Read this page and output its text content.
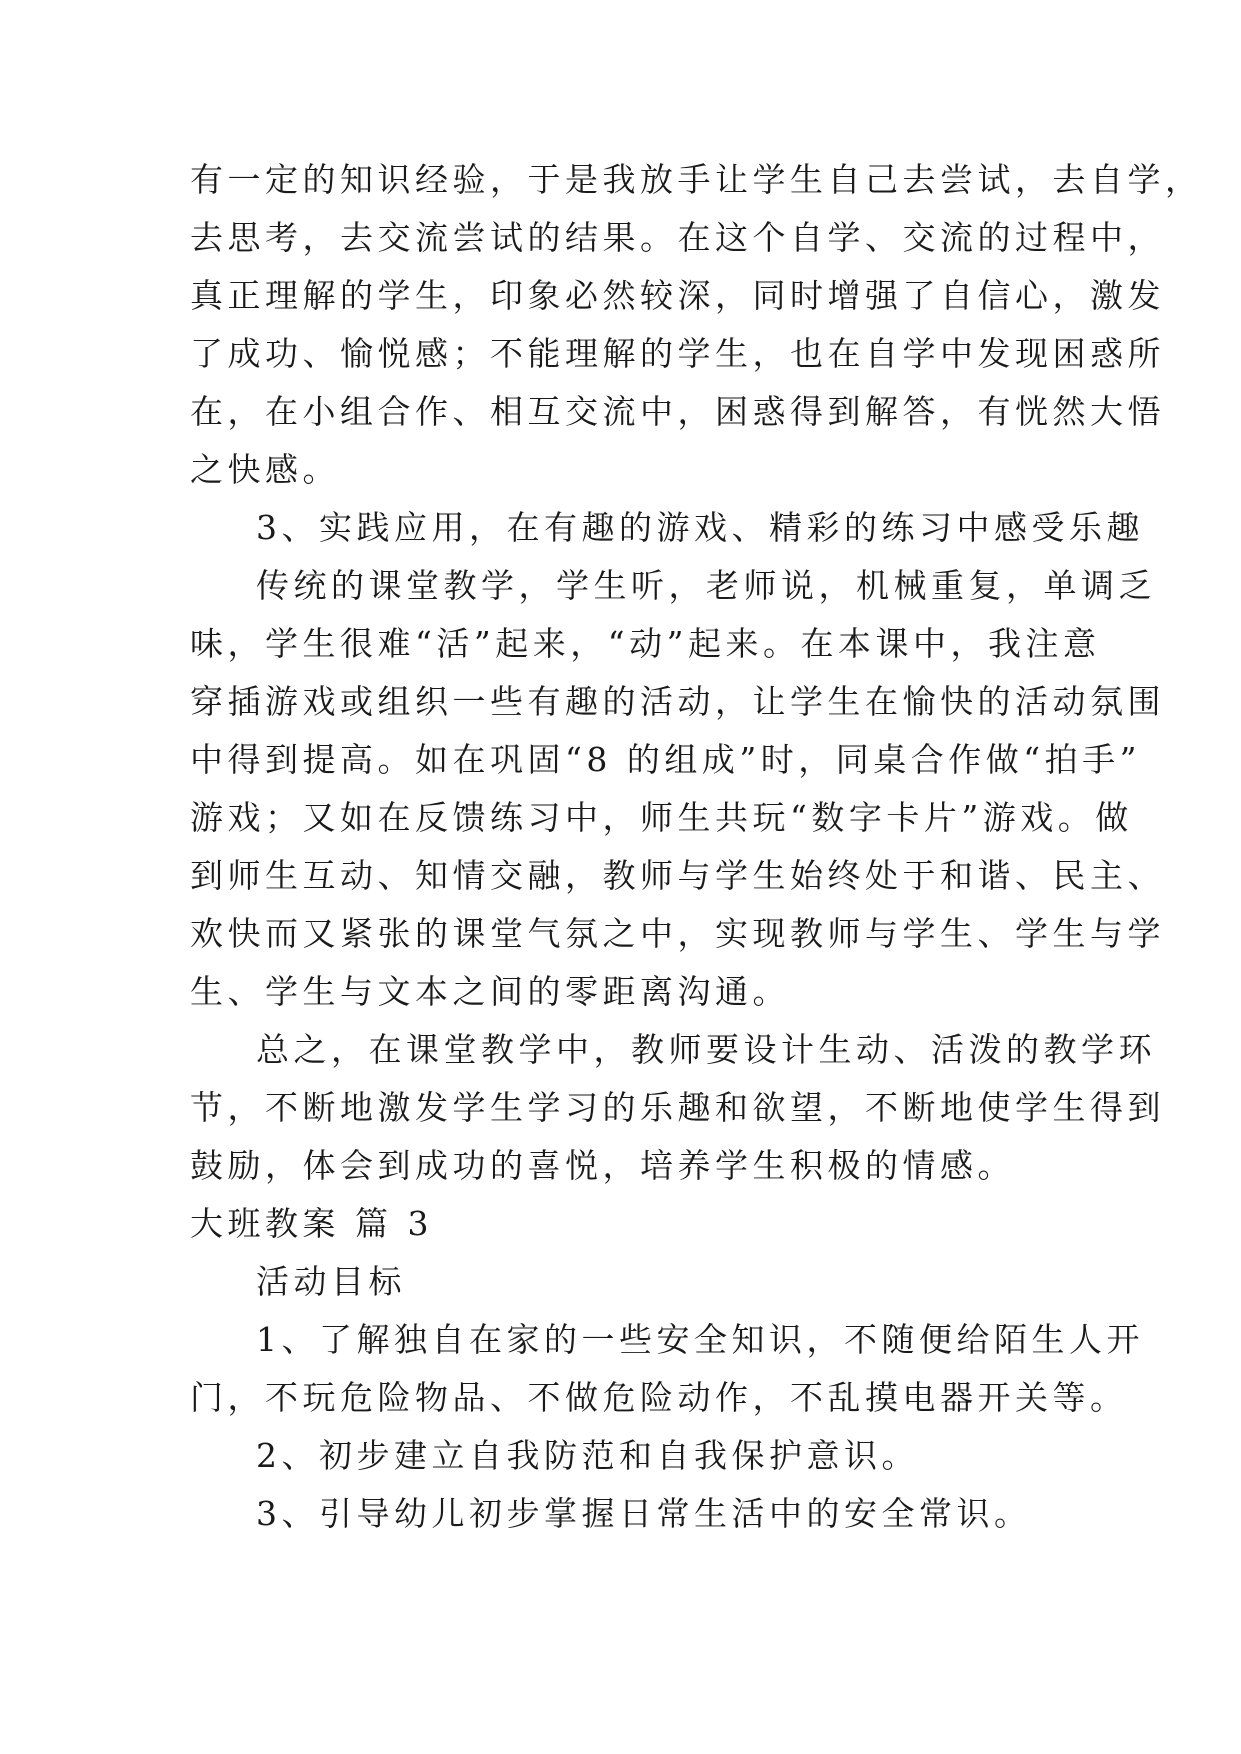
有一定的知识经验，于是我放手让学生自己去尝试，去自学，
去思考，去交流尝试的结果。在这个自学、交流的过程中，
真正理解的学生，印象必然较深，同时增强了自信心，激发
了成功、愉悦感；不能理解的学生，也在自学中发现困惑所
在，在小组合作、相互交流中，困惑得到解答，有恍然大悟
之快感。
3、实践应用，在有趣的游戏、精彩的练习中感受乐趣
传统的课堂教学，学生听，老师说，机械重复，单调乏
味，学生很难“活”起来，“动”起来。在本课中，我注意
穿插游戏或组织一些有趣的活动，让学生在愉快的活动氛围
中得到提高。如在巩固“8 的组成”时，同桌合作做“拍手”
游戏；又如在反馈练习中，师生共玩“数字卡片”游戏。做
到师生互动、知情交融，教师与学生始终处于和谐、民主、
欢快而又紧张的课堂气氛之中，实现教师与学生、学生与学
生、学生与文本之间的零距离沟通。
总之，在课堂教学中，教师要设计生动、活泼的教学环
节，不断地激发学生学习的乐趣和欲望，不断地使学生得到
鼓励，体会到成功的喜悦，培养学生积极的情感。
大班教案 篇 3
活动目标
1、了解独自在家的一些安全知识，不随便给陌生人开
门，不玩危险物品、不做危险动作，不乱摸电器开关等。
2、初步建立自我防范和自我保护意识。
3、引导幼儿初步掌握日常生活中的安全常识。
